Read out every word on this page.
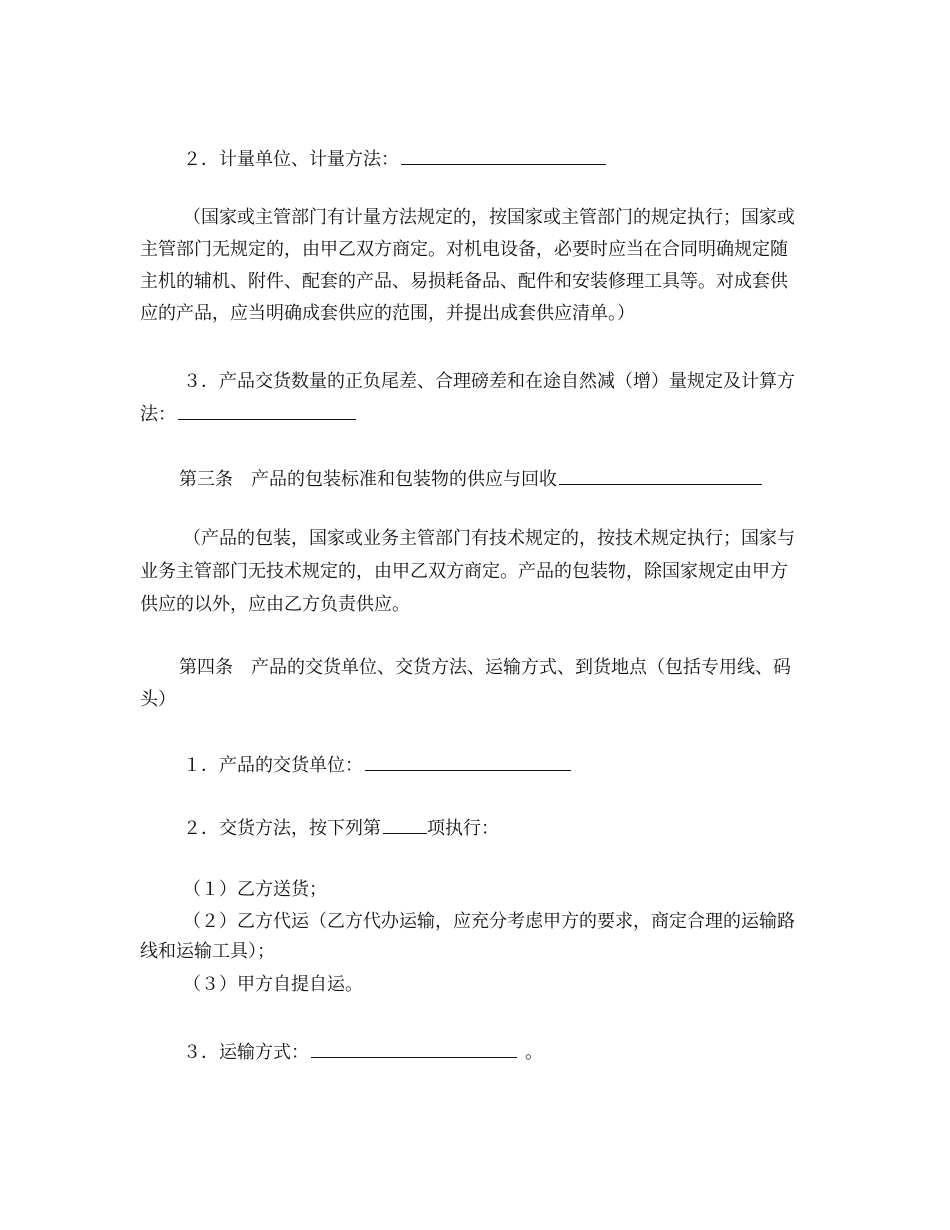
２．计量单位、计量方法：
（国家或主管部门有计量方法规定的，按国家或主管部门的规定执行；国家或
主管部门无规定的，由甲乙双方商定。对机电设备，必要时应当在合同明确规定随
主机的辅机、附件、配套的产品、易损耗备品、配件和安装修理工具等。对成套供
应的产品，应当明确成套供应的范围，并提出成套供应清单。）
３．产品交货数量的正负尾差、合理磅差和在途自然减（增）量规定及计算方
法：
第三条　产品的包装标准和包装物的供应与回收
（产品的包装，国家或业务主管部门有技术规定的，按技术规定执行；国家与
业务主管部门无技术规定的，由甲乙双方商定。产品的包装物，除国家规定由甲方
供应的以外，应由乙方负责供应。
第四条　产品的交货单位、交货方法、运输方式、到货地点（包括专用线、码
头）
１．产品的交货单位：
２．交货方法，按下列第	项执行：
（１）乙方送货；
（２）乙方代运（乙方代办运输，应充分考虑甲方的要求，商定合理的运输路
线和运输工具）；
（３）甲方自提自运。
３．运输方式：	。
